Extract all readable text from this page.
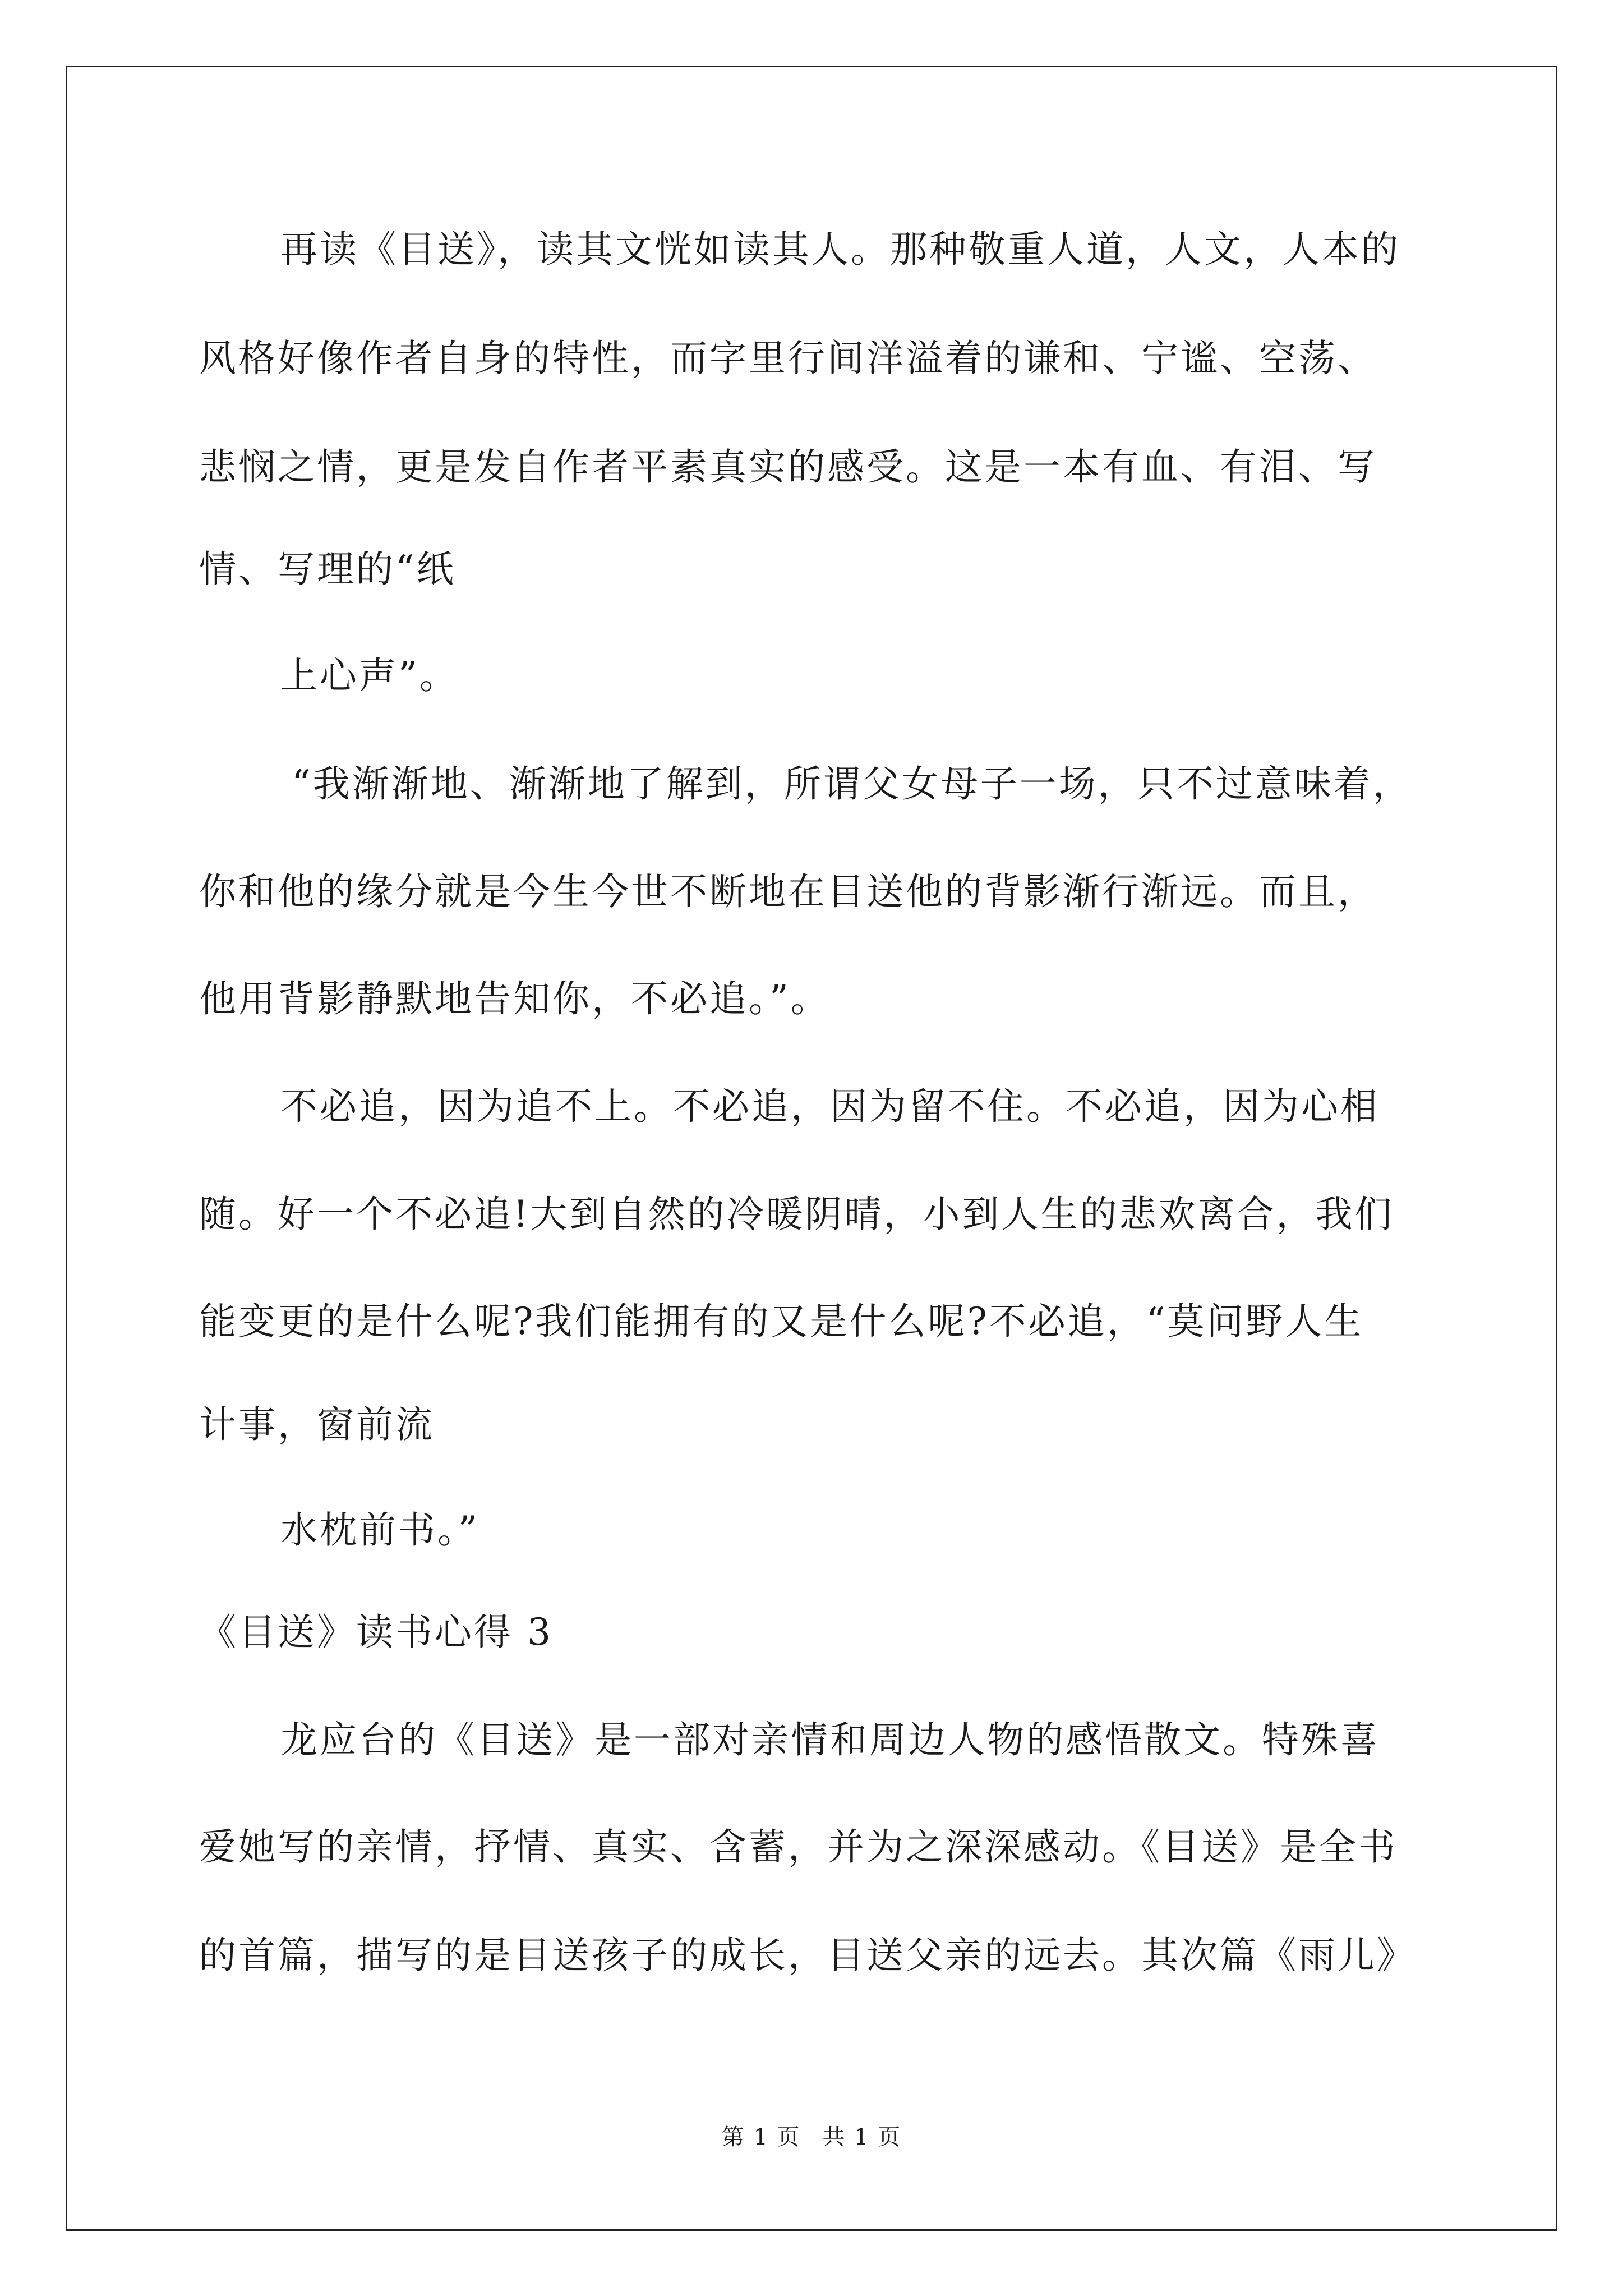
再读《目送》，读其文恍如读其人。那种敬重人道，人文，人本的
风格好像作者自身的特性，而字里行间洋溢着的谦和、宁谧、空荡、
悲悯之情，更是发自作者平素真实的感受。这是一本有血、有泪、写
情、写理的“纸
上心声”。
“我渐渐地、渐渐地了解到，所谓父女母子一场，只不过意味着，
你和他的缘分就是今生今世不断地在目送他的背影渐行渐远。而且，
他用背影静默地告知你，不必追。”。
不必追，因为追不上。不必追，因为留不住。不必追，因为心相
随。好一个不必追!大到自然的冷暖阴晴，小到人生的悲欢离合，我们
能变更的是什么呢?我们能拥有的又是什么呢?不必追，“莫问野人生
计事，窗前流
水枕前书。”
《目送》读书心得 3
龙应台的《目送》是一部对亲情和周边人物的感悟散文。特殊喜
爱她写的亲情，抒情、真实、含蓄，并为之深深感动。《目送》是全书
的首篇，描写的是目送孩子的成长，目送父亲的远去。其次篇《雨儿》
第 1 页 共 1 页
